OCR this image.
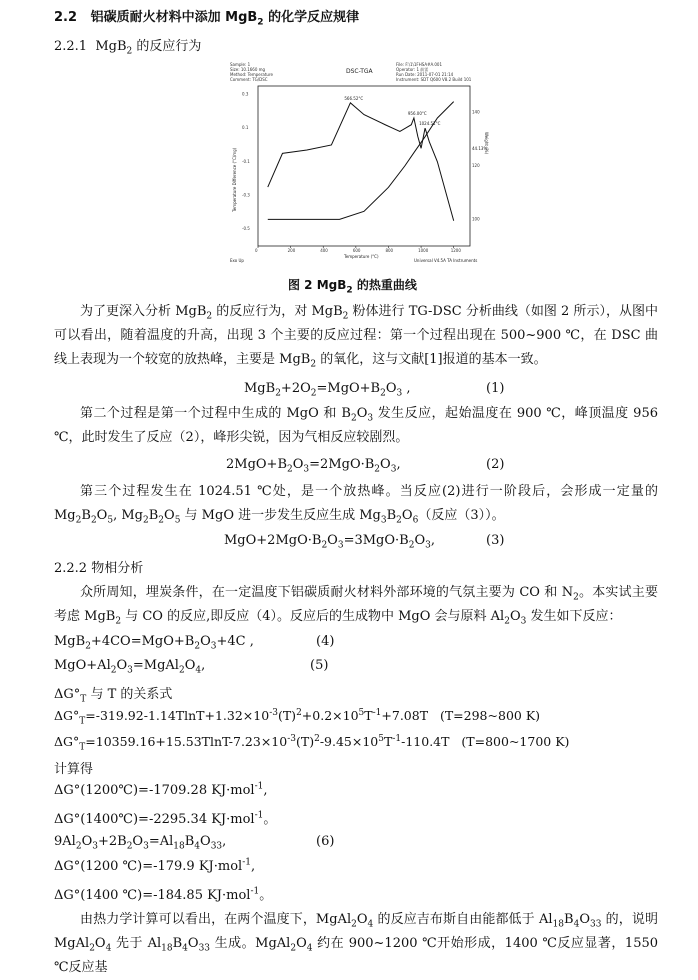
2.2 铝碳质耐火材料中添加 MgB$_2$ 的化学反应规律
2.2.1 MgB$_2$ 的反应行为
Sample: 1
Size: 10.1660 mg
Method: Temperature
Comment: TG/DSC
File: F:\1\1FHSA#A.001
Operator: 1 前雷
Run Date: 2011-07-01 21:14
Instrument: SDT Q600 V8.2 Build 101
DSC-TGA
0	200	400	600	800	1000	1200
0.3
0.1
-0.1
-0.3
-0.5
140
120
100
566.52°C
956.00°C
1024.51°C
44.13%
Temperature (°C)
Exo Up	Universal V4.5A TA Instruments
Temperature Difference (°C/mg)
Weight (%)
图 2 MgB$_2$ 的热重曲线
为了更深入分析 MgB$_2$ 的反应行为，对 MgB$_2$ 粉体进行 TG-DSC 分析曲线（如图 2 所示），从图中可以看出，随着温度的升高，出现 3 个主要的反应过程：第一个过程出现在 500~900 ℃，在 DSC 曲线上表现为一个较宽的放热峰，主要是 MgB$_2$ 的氧化，这与文献[1]报道的基本一致。
$MgB_2+2O_2=MgO+B_2O_3$ ,	(1)
第二个过程是第一个过程中生成的 MgO 和 $B_2O_3$ 发生反应，起始温度在 900 ℃，峰顶温度 956 ℃，此时发生了反应（2），峰形尖锐，因为气相反应较剧烈。
$2MgO+B_2O_3=2MgO\cdot B_2O_3$,	(2)
第三个过程发生在 1024.51 ℃处，是一个放热峰。当反应(2)进行一阶段后，会形成一定量的 $Mg_2B_2O_5$, $Mg_2B_2O_5$ 与 MgO 进一步发生反应生成 $Mg_3B_2O_6$（反应（3））。
$MgO+2MgO\cdot B_2O_3=3MgO\cdot B_2O_3$,	(3)
2.2.2 物相分析
众所周知，埋炭条件，在一定温度下铝碳质耐火材料外部环境的气氛主要为 CO 和 $N_2$。本实试主要考虑 MgB$_2$ 与 CO 的反应,即反应（4）。反应后的生成物中 MgO 会与原料 $Al_2O_3$ 发生如下反应：
$MgB_2+4CO=MgO+B_2O_3+4C$ ,	(4)
$MgO+Al_2O_3=MgAl_2O_4$,	(5)
$\Delta G^\circ_T$ 与 T 的关系式
$\Delta G^\circ_T=-319.92-1.14TlnT+1.32\times 10^{-3}(T)^2+0.2\times 10^5T^{-1}+7.08T$   (T=298~800 K)
$\Delta G^\circ_T=10359.16+15.53TlnT-7.23\times 10^{-3}(T)^2-9.45\times 10^5T^{-1}-110.4T$   (T=800~1700 K)
计算得
ΔG°(1200℃)=-1709.28 KJ·mol$^{-1}$,
ΔG°(1400℃)=-2295.34 KJ·mol$^{-1}$。
$9Al_2O_3+2B_2O_3=Al_{18}B_4O_{33}$,	(6)
ΔG°(1200 ℃)=-179.9 KJ·mol$^{-1}$,
ΔG°(1400 ℃)=-184.85 KJ·mol$^{-1}$。
由热力学计算可以看出，在两个温度下，$MgAl_2O_4$ 的反应吉布斯自由能都低于 $Al_{18}B_4O_{33}$ 的，说明 $MgAl_2O_4$ 先于 $Al_{18}B_4O_{33}$ 生成。$MgAl_2O_4$ 约在 900~1200 ℃开始形成，1400 ℃反应显著，1550 ℃反应基
